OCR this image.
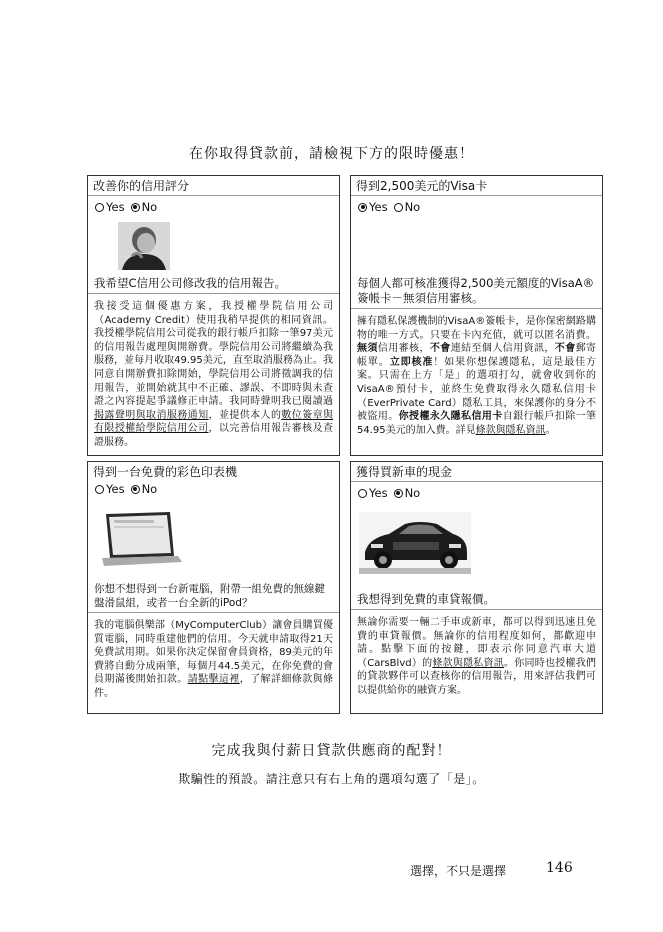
在你取得貸款前，請檢視下方的限時優惠！
改善你的信用評分
Yes No
我希望C信用公司修改我的信用報告。
我接受這個優惠方案，我授權學院信用公司（Academy Credit）使用我稍早提供的相同資訊。我授權學院信用公司從我的銀行帳戶扣除一筆97美元的信用報告處理與開辦費。學院信用公司將繼續為我服務，並每月收取49.95美元，直至取消服務為止。我同意自開辦費扣除開始，學院信用公司將徵調我的信用報告，並開始就其中不正確、謬誤、不即時與未查證之內容提起爭議修正申請。我同時聲明我已閱讀過揭露聲明與取消服務通知，並提供本人的數位簽章與有限授權給學院信用公司，以完善信用報告審核及查證服務。
得到2,500美元的Visa卡
Yes No
每個人都可核准獲得2,500美元額度的VisaA®簽帳卡－無須信用審核。
擁有隱私保護機制的VisaA®簽帳卡，是你保密網路購物的唯一方式。只要在卡內充值，就可以匿名消費。無須信用審核，不會連結至個人信用資訊，不會郵寄帳單。立即核准！如果你想保護隱私，這是最佳方案。只需在上方「是」的選項打勾，就會收到你的VisaA®預付卡，並終生免費取得永久隱私信用卡（EverPrivate Card）隱私工具，來保護你的身分不被盜用。你授權永久隱私信用卡自銀行帳戶扣除一筆54.95美元的加入費。詳見條款與隱私資訊。
得到一台免費的彩色印表機
Yes No
你想不想得到一台新電腦，附帶一組免費的無線鍵盤滑鼠組，或者一台全新的iPod？
我的電腦俱樂部（MyComputerClub）讓會員購買優質電腦，同時重建他們的信用。今天就申請取得21天免費試用期。如果你決定保留會員資格，89美元的年費將自動分成兩筆，每個月44.5美元，在你免費的會員期滿後開始扣款。請點擊這裡，了解詳細條款與條件。
獲得買新車的現金
Yes No
我想得到免費的車貸報價。
無論你需要一輛二手車或新車，都可以得到迅速且免費的車貸報價。無論你的信用程度如何，都歡迎申請。點擊下面的按鍵，即表示你同意汽車大道（CarsBlvd）的條款與隱私資訊。你同時也授權我們的貸款夥伴可以查核你的信用報告，用來評估我們可以提供給你的融資方案。
完成我與付薪日貸款供應商的配對！
欺騙性的預設。請注意只有右上角的選項勾選了「是」。
選擇，不只是選擇	146
